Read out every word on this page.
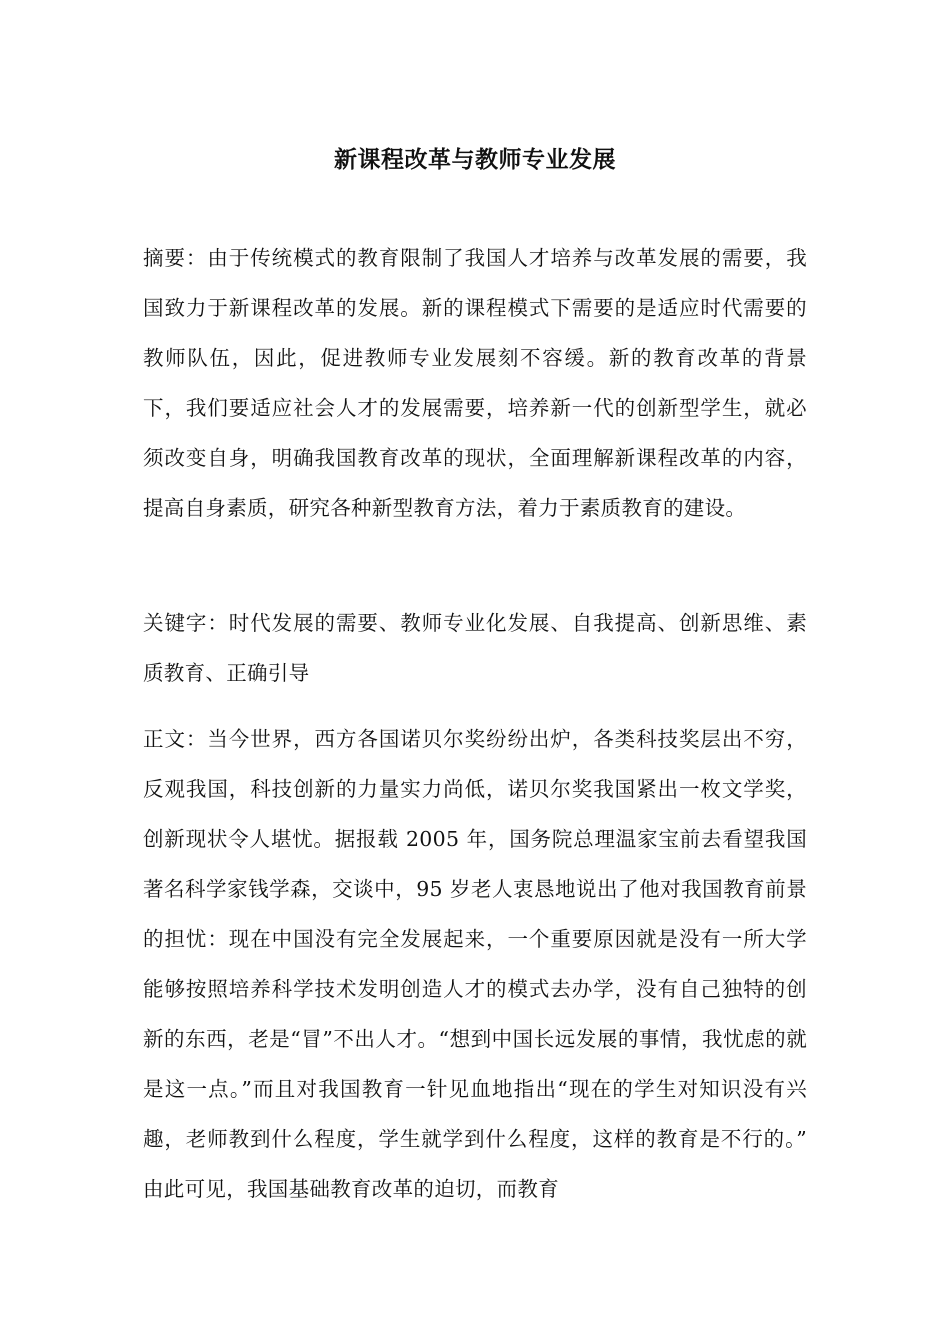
新课程改革与教师专业发展

摘要：由于传统模式的教育限制了我国人才培养与改革发展的需要，我国致力于新课程改革的发展。新的课程模式下需要的是适应时代需要的教师队伍，因此，促进教师专业发展刻不容缓。新的教育改革的背景下，我们要适应社会人才的发展需要，培养新一代的创新型学生，就必须改变自身，明确我国教育改革的现状，全面理解新课程改革的内容，提高自身素质，研究各种新型教育方法，着力于素质教育的建设。

关键字：时代发展的需要、教师专业化发展、自我提高、创新思维、素质教育、正确引导

正文：当今世界，西方各国诺贝尔奖纷纷出炉，各类科技奖层出不穷，反观我国，科技创新的力量实力尚低，诺贝尔奖我国紧出一枚文学奖，创新现状令人堪忧。据报载 2005 年，国务院总理温家宝前去看望我国著名科学家钱学森，交谈中，95 岁老人衷恳地说出了他对我国教育前景的担忧：现在中国没有完全发展起来，一个重要原因就是没有一所大学能够按照培养科学技术发明创造人才的模式去办学，没有自己独特的创新的东西，老是“冒”不出人才。“想到中国长远发展的事情，我忧虑的就是这一点。”而且对我国教育一针见血地指出“现在的学生对知识没有兴趣，老师教到什么程度，学生就学到什么程度，这样的教育是不行的。” 由此可见，我国基础教育改革的迫切，而教育
